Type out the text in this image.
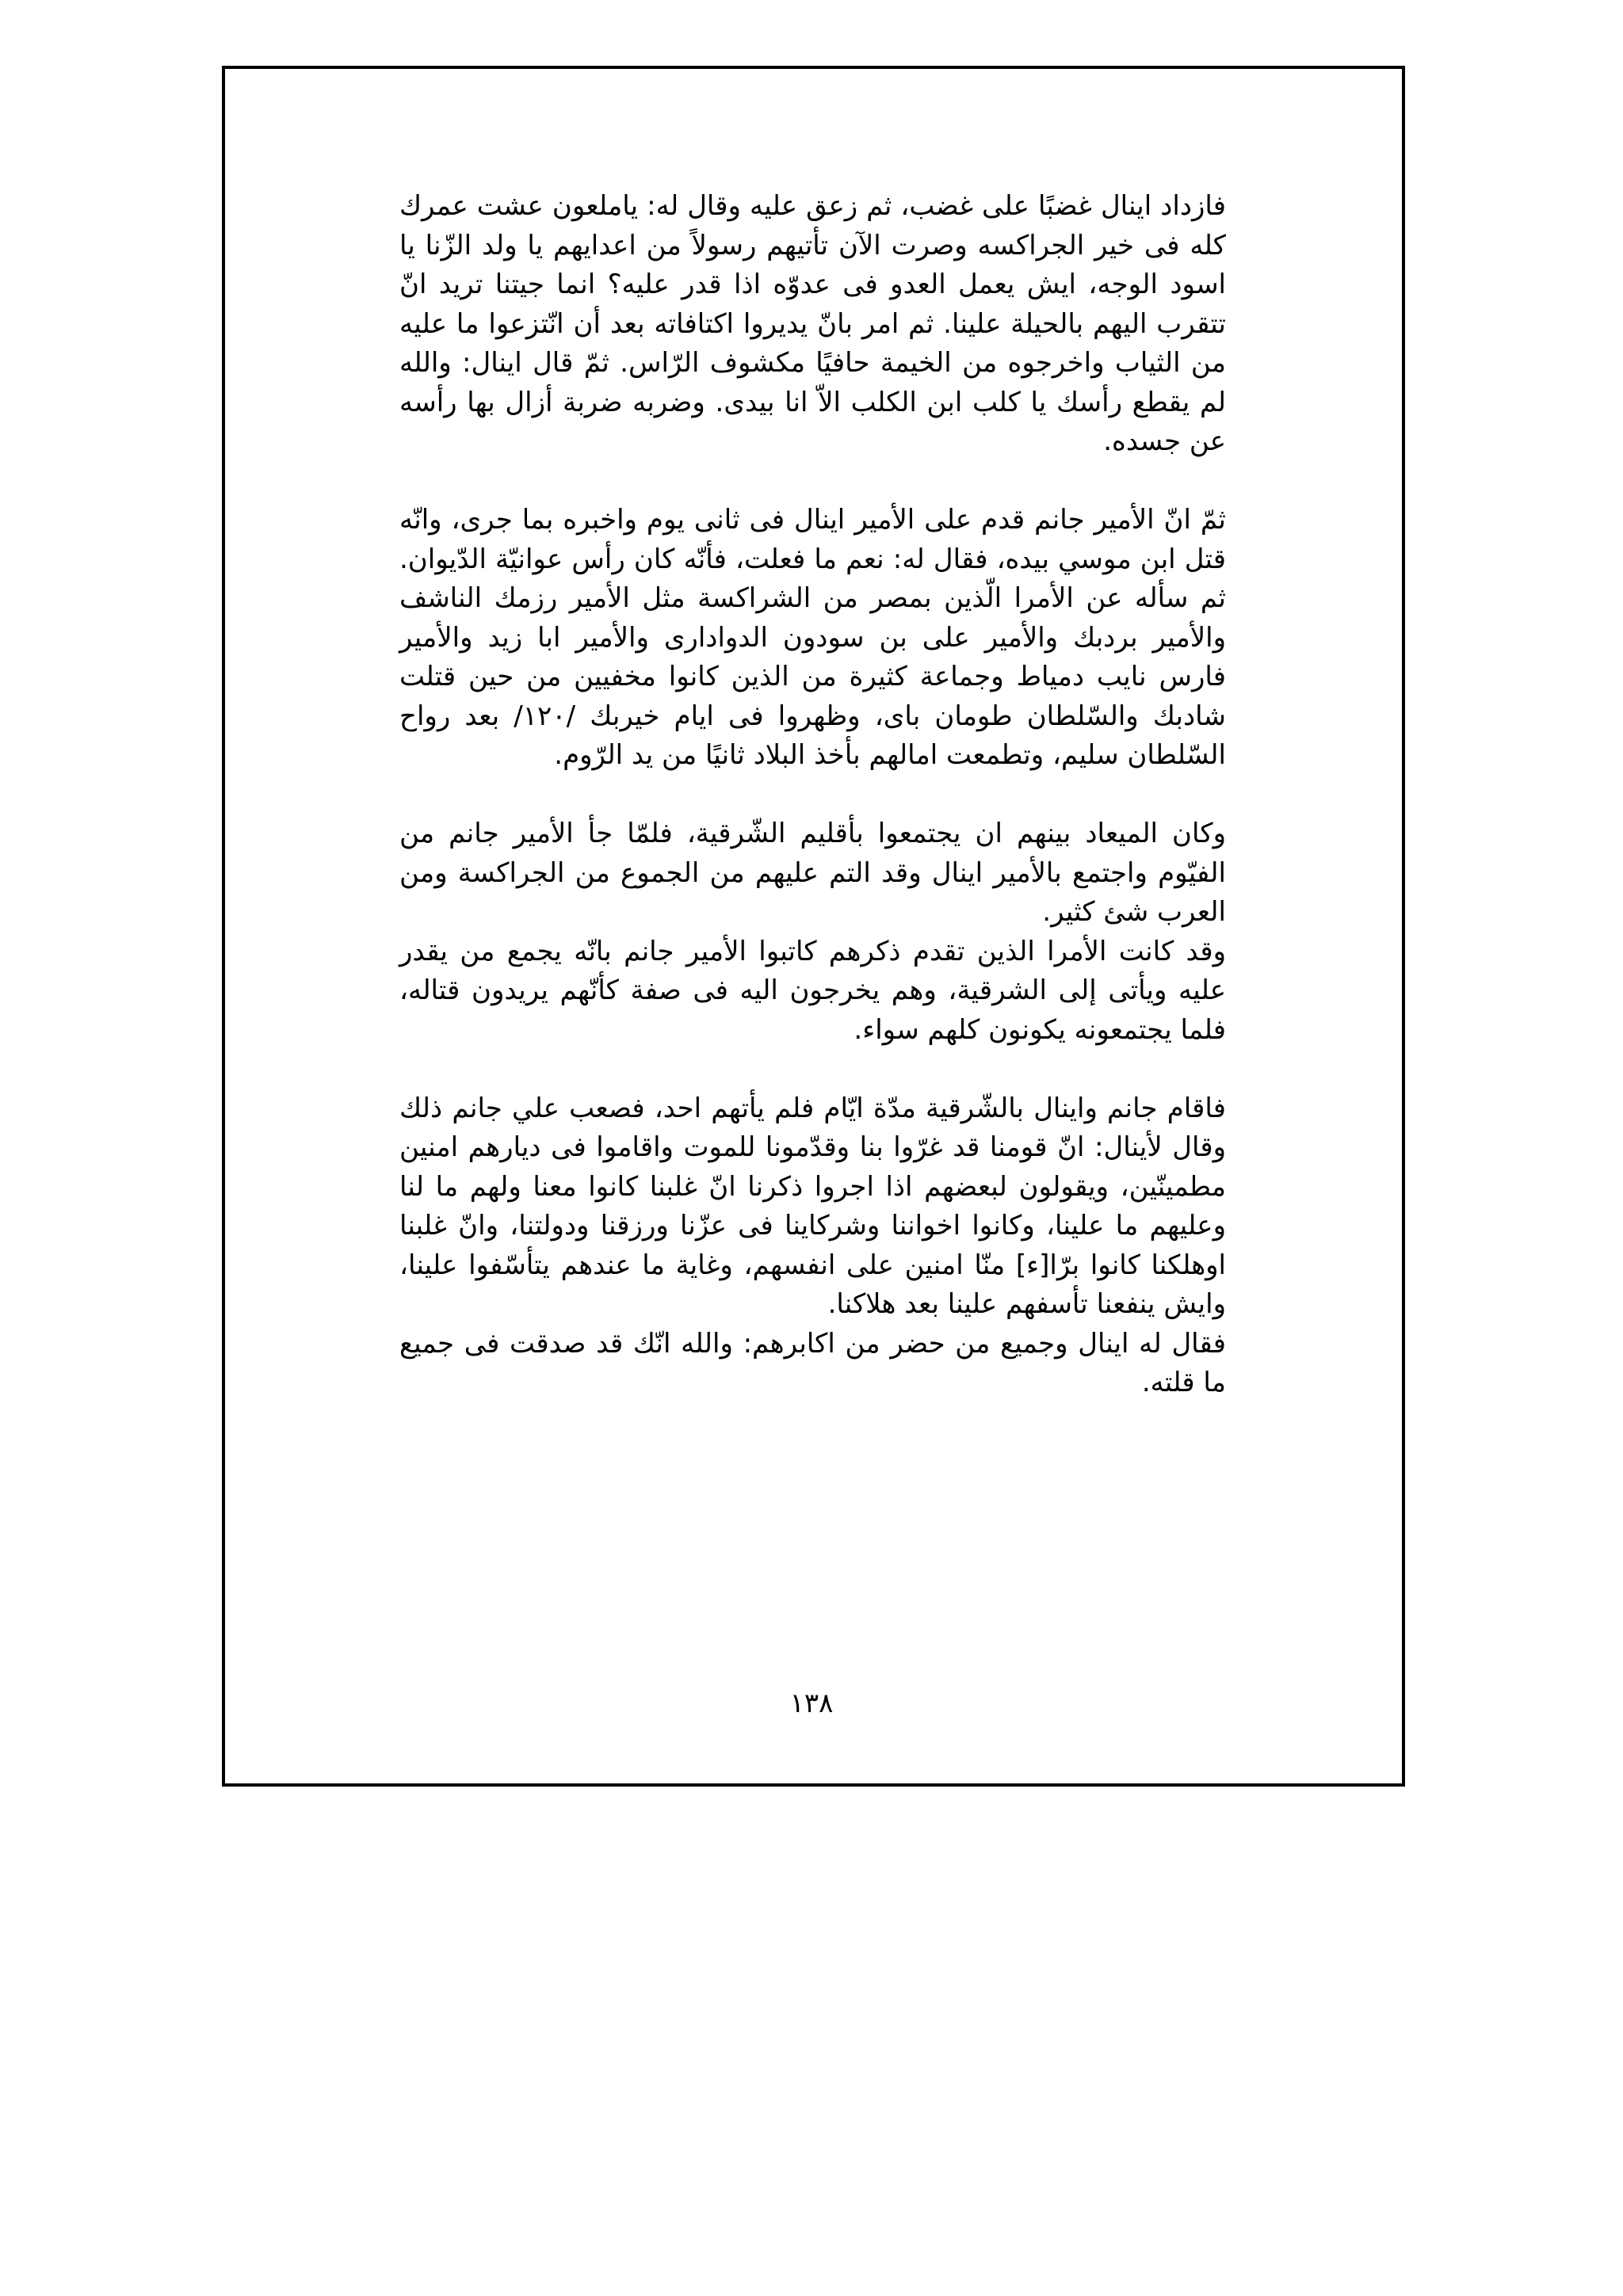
فازداد اينال غضبًا على غضب، ثم زعق عليه وقال له: ياملعون عشت عمرك كله فى خير الجراكسه وصرت الآن تأتيهم رسولاً من اعدايهم يا ولد الزّنا يا اسود الوجه، ايش يعمل العدو فى عدوّه اذا قدر عليه؟ انما جيتنا تريد انّ تتقرب اليهم بالحيلة علينا. ثم امر بانّ يديروا اكتافاته بعد أن انّتزعوا ما عليه من الثياب واخرجوه من الخيمة حافيًا مكشوف الرّاس. ثمّ قال اينال: والله لم يقطع رأسك يا كلب ابن الكلب الاّ انا بيدى. وضربه ضربة أزال بها رأسه عن جسده.

ثمّ انّ الأمير جانم قدم على الأمير اينال فى ثانى يوم واخبره بما جرى، وانّه قتل ابن موسي بيده، فقال له: نعم ما فعلت، فأنّه كان رأس عوانيّة الدّيوان. ثم سأله عن الأمرا الّذين بمصر من الشراكسة مثل الأمير رزمك الناشف والأمير بردبك والأمير على بن سودون الدوادارى والأمير ابا زيد والأمير فارس نايب دمياط وجماعة كثيرة من الذين كانوا مخفيين من حين قتلت شادبك والسّلطان طومان باى، وظهروا فى ايام خيربك /١٢٠/ بعد رواح السّلطان سليم، وتطمعت امالهم بأخذ البلاد ثانيًا من يد الرّوم.

وكان الميعاد بينهم ان يجتمعوا بأقليم الشّرقية، فلمّا جأ الأمير جانم من الفيّوم واجتمع بالأمير اينال وقد التم عليهم من الجموع من الجراكسة ومن العرب شئ كثير.

وقد كانت الأمرا الذين تقدم ذكرهم كاتبوا الأمير جانم بانّه يجمع من يقدر عليه ويأتى إلى الشرقية، وهم يخرجون اليه فى صفة كأنّهم يريدون قتاله، فلما يجتمعونه يكونون كلهم سواء.

فاقام جانم واينال بالشّرقية مدّة ايّام فلم يأتهم احد، فصعب علي جانم ذلك وقال لأينال: انّ قومنا قد غرّوا بنا وقدّمونا للموت واقاموا فى ديارهم امنين مطمينّين، ويقولون لبعضهم اذا اجروا ذكرنا انّ غلبنا كانوا معنا ولهم ما لنا وعليهم ما علينا، وكانوا اخواننا وشركاينا فى عزّنا ورزقنا ودولتنا، وانّ غلبنا اوهلكنا كانوا برّا[ء] منّا امنين على انفسهم، وغاية ما عندهم يتأسّفوا علينا، وايش ينفعنا تأسفهم علينا بعد هلاكنا.

فقال له اينال وجميع من حضر من اكابرهم: والله انّك قد صدقت فى جميع ما قلته.

١٣٨
